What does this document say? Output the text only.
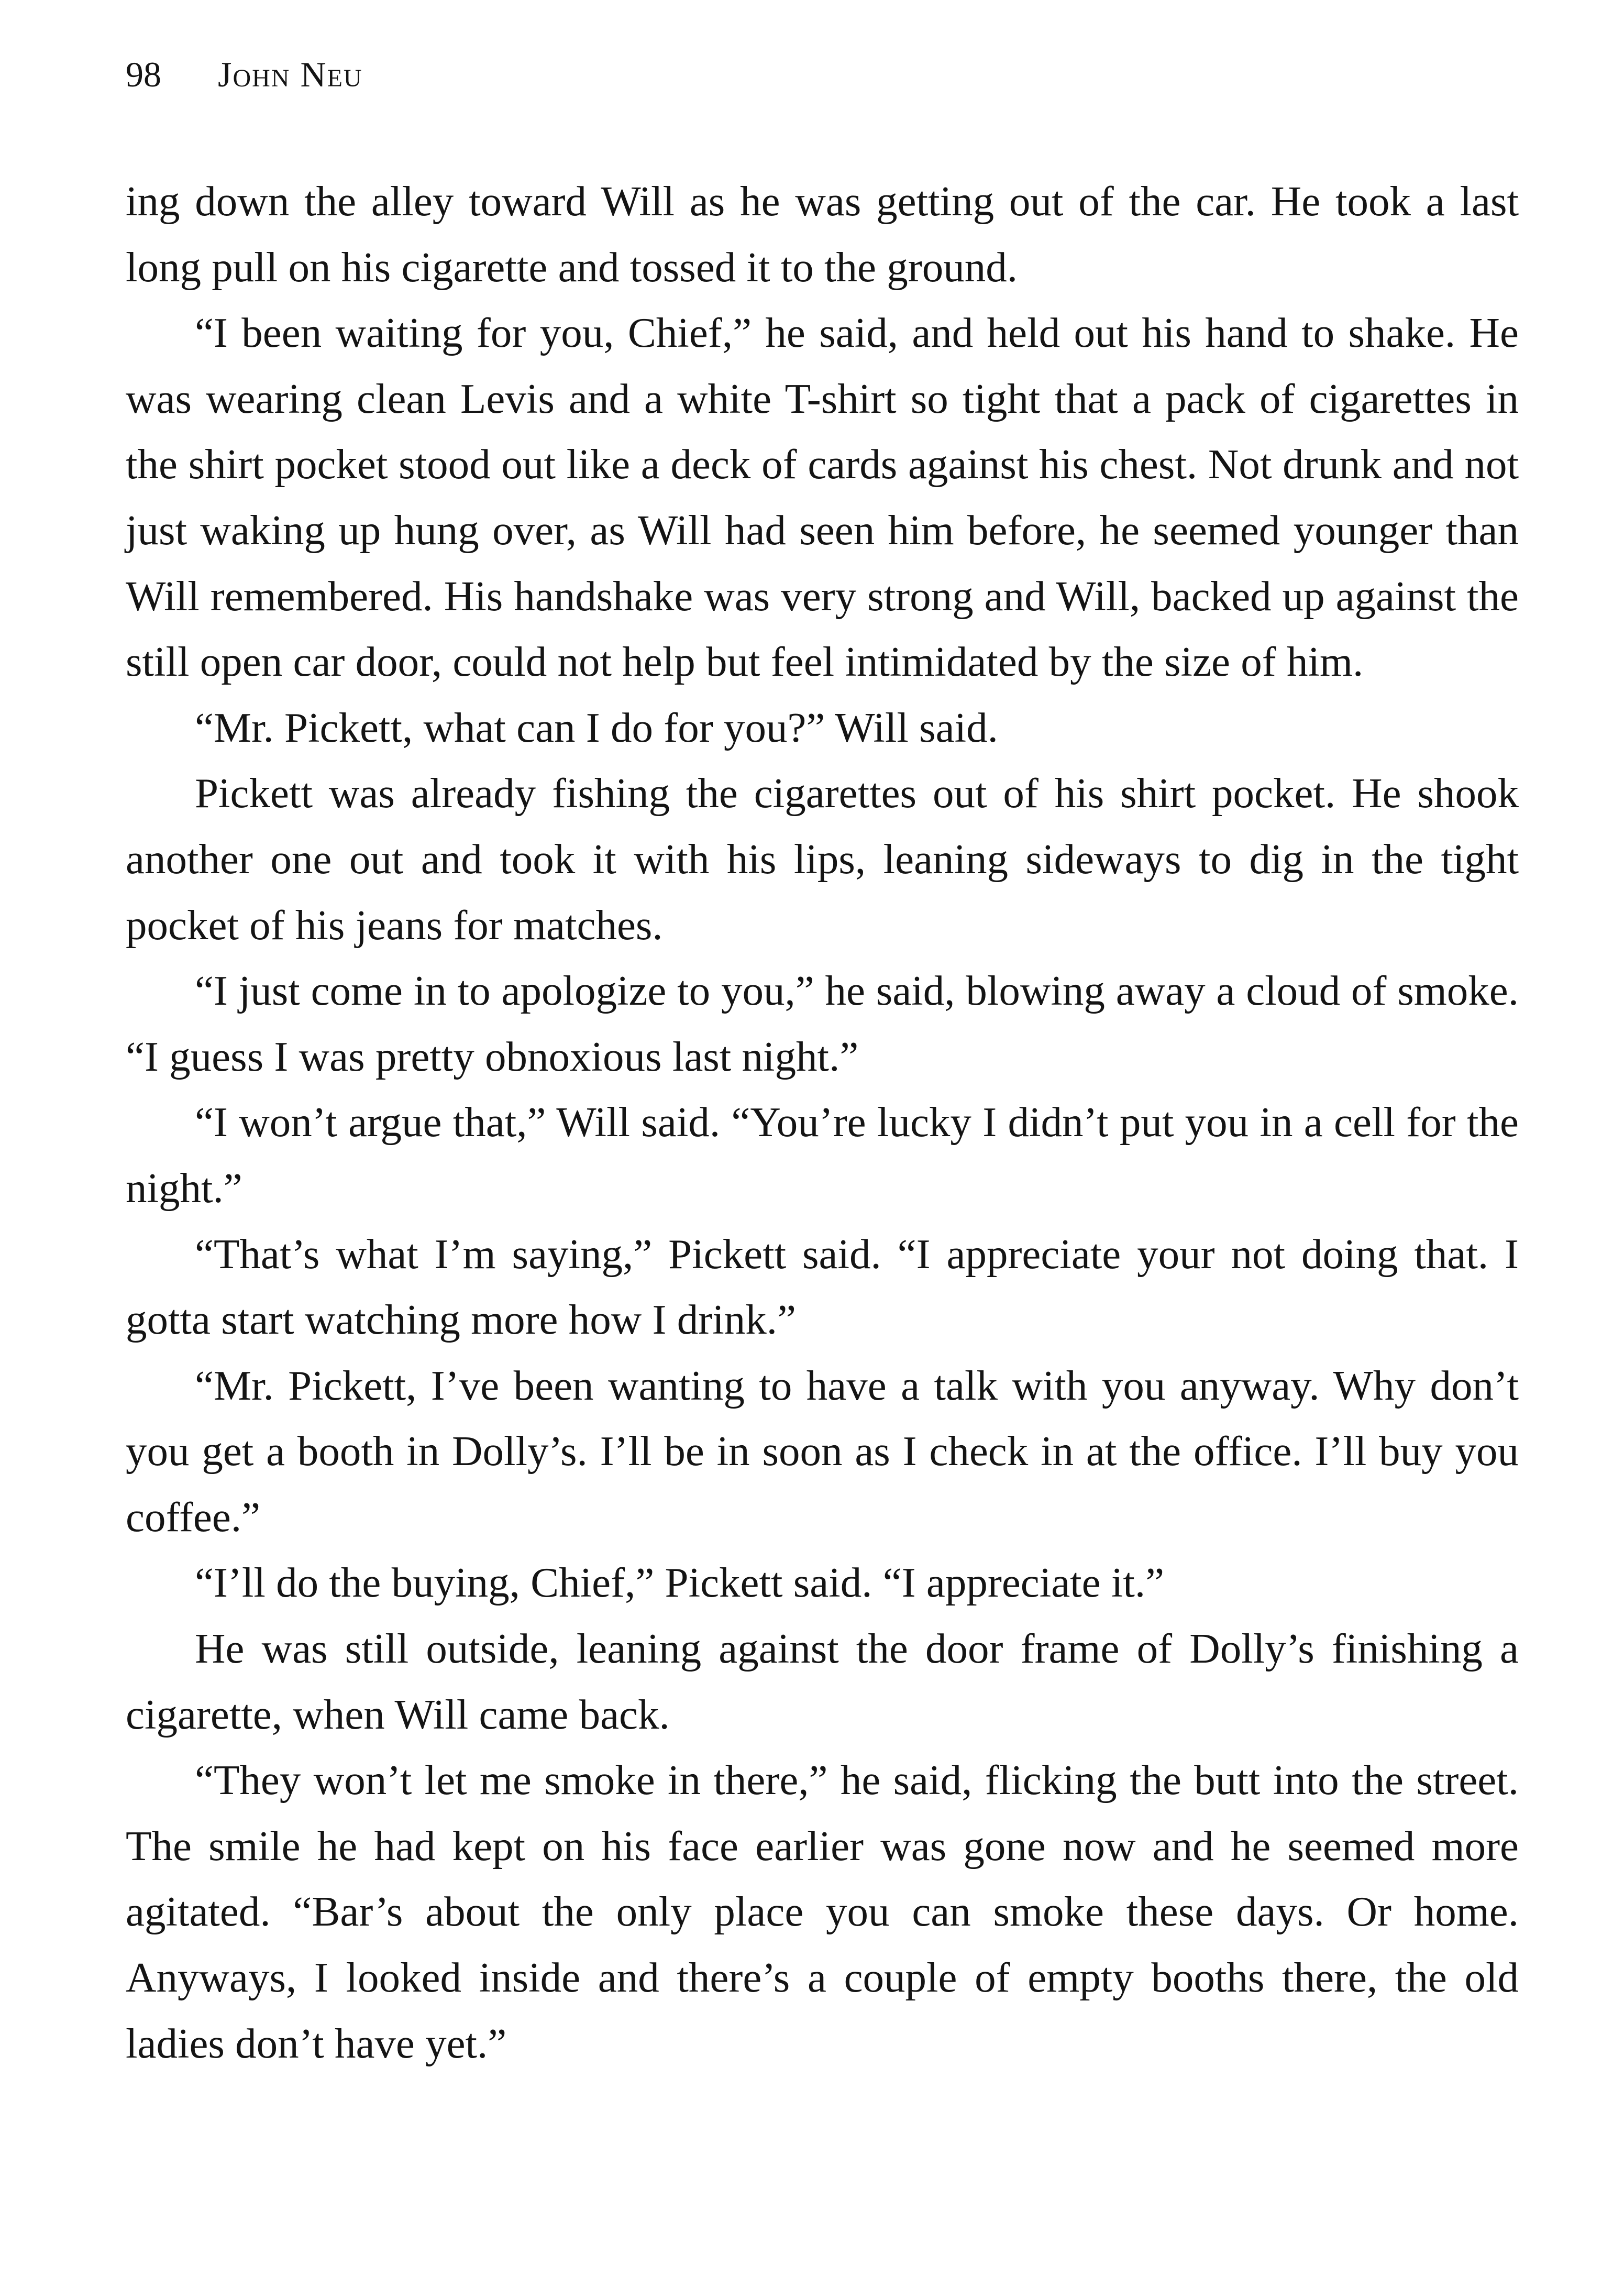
98 John Neu

ing down the alley toward Will as he was getting out of the car. He took a last long pull on his cigarette and tossed it to the ground.

“I been waiting for you, Chief,” he said, and held out his hand to shake. He was wearing clean Levis and a white T-shirt so tight that a pack of cigarettes in the shirt pocket stood out like a deck of cards against his chest. Not drunk and not just waking up hung over, as Will had seen him before, he seemed younger than Will remembered. His handshake was very strong and Will, backed up against the still open car door, could not help but feel intimidated by the size of him.

“Mr. Pickett, what can I do for you?” Will said.

Pickett was already fishing the cigarettes out of his shirt pocket. He shook another one out and took it with his lips, leaning sideways to dig in the tight pocket of his jeans for matches.

“I just come in to apologize to you,” he said, blowing away a cloud of smoke. “I guess I was pretty obnoxious last night.”

“I won’t argue that,” Will said. “You’re lucky I didn’t put you in a cell for the night.”

“That’s what I’m saying,” Pickett said. “I appreciate your not doing that. I gotta start watching more how I drink.”

“Mr. Pickett, I’ve been wanting to have a talk with you anyway. Why don’t you get a booth in Dolly’s. I’ll be in soon as I check in at the office. I’ll buy you coffee.”

“I’ll do the buying, Chief,” Pickett said. “I appreciate it.”

He was still outside, leaning against the door frame of Dolly’s finishing a cigarette, when Will came back.

“They won’t let me smoke in there,” he said, flicking the butt into the street. The smile he had kept on his face earlier was gone now and he seemed more agitated. “Bar’s about the only place you can smoke these days. Or home. Anyways, I looked inside and there’s a couple of empty booths there, the old ladies don’t have yet.”
